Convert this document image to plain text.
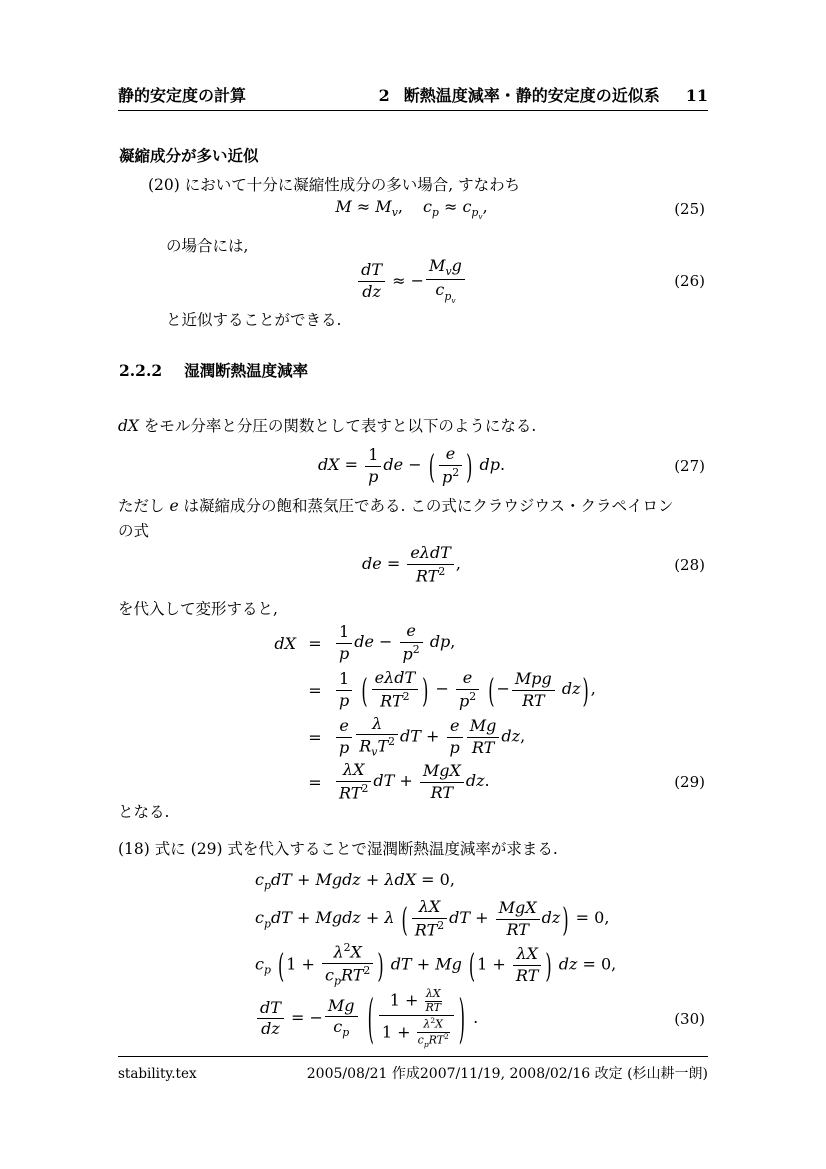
静的安定度の計算	2 断熱温度減率・静的安定度の近似系 11
凝縮成分が多い近似
(20) において十分に凝縮性成分の多い場合, すなわち
$M \approx M_v$, $c_p \approx c_{p_v}$,	(25)
の場合には,
$\frac{dT}{dz}$ ≈ −
$M_vg$
$c_{p_v}$
(26)
と近似することができる.
2.2.2 湿潤断熱温度減率
dX をモル分率と分圧の関数として表すと以下のようになる.
dX = $\frac{1}{p}$ de − ( $\frac{e}{p^2}$ ) dp.	(27)
ただし e は凝縮成分の飽和蒸気圧である. この式にクラウジウス・クラペイロン
の式
de =
eλdT
$RT^2$ ,	(28)
を代入して変形すると,
dX = $\frac{1}{p}$ de − $\frac{e}{p^2}$ dp,
= $\frac{1}{p}$ ( eλdT
$RT^2$ ) − $\frac{e}{p^2}$ ( −
Mpg
RT
dz ) ,
= $\frac{e}{p}$	λ
$R_vT^2$ dT + $\frac{e}{p} \frac{Mg}{RT}$ dz,
= $\frac{\lambda X}{RT^2}$ dT +
MgX
RT
dz.	(29)
となる.
(18) 式に (29) 式を代入することで湿潤断熱温度減率が求まる.
$c_pdT$ + Mgdz + λdX = 0,
$c_pdT$ + Mgdz + λ ( $\frac{\lambda X}{RT^2}$ dT +
MgX
RT
dz ) = 0,
$c_p$ ( 1 +
$\lambda^2X$
$c_pRT^2$ ) dT + Mg ( $1 + \frac{\lambda X}{RT}$ ) dz = 0,
$\frac{dT}{dz}$ = − $\frac{Mg}{c_p}$ ( $1 + \frac{\lambda X}{RT}$
$1 + \lambda^2X$
$c_pRT^2$ ) .	(30)
stability.tex	2005/08/21 作成2007/11/19, 2008/02/16 改定 (杉山耕一朗)
